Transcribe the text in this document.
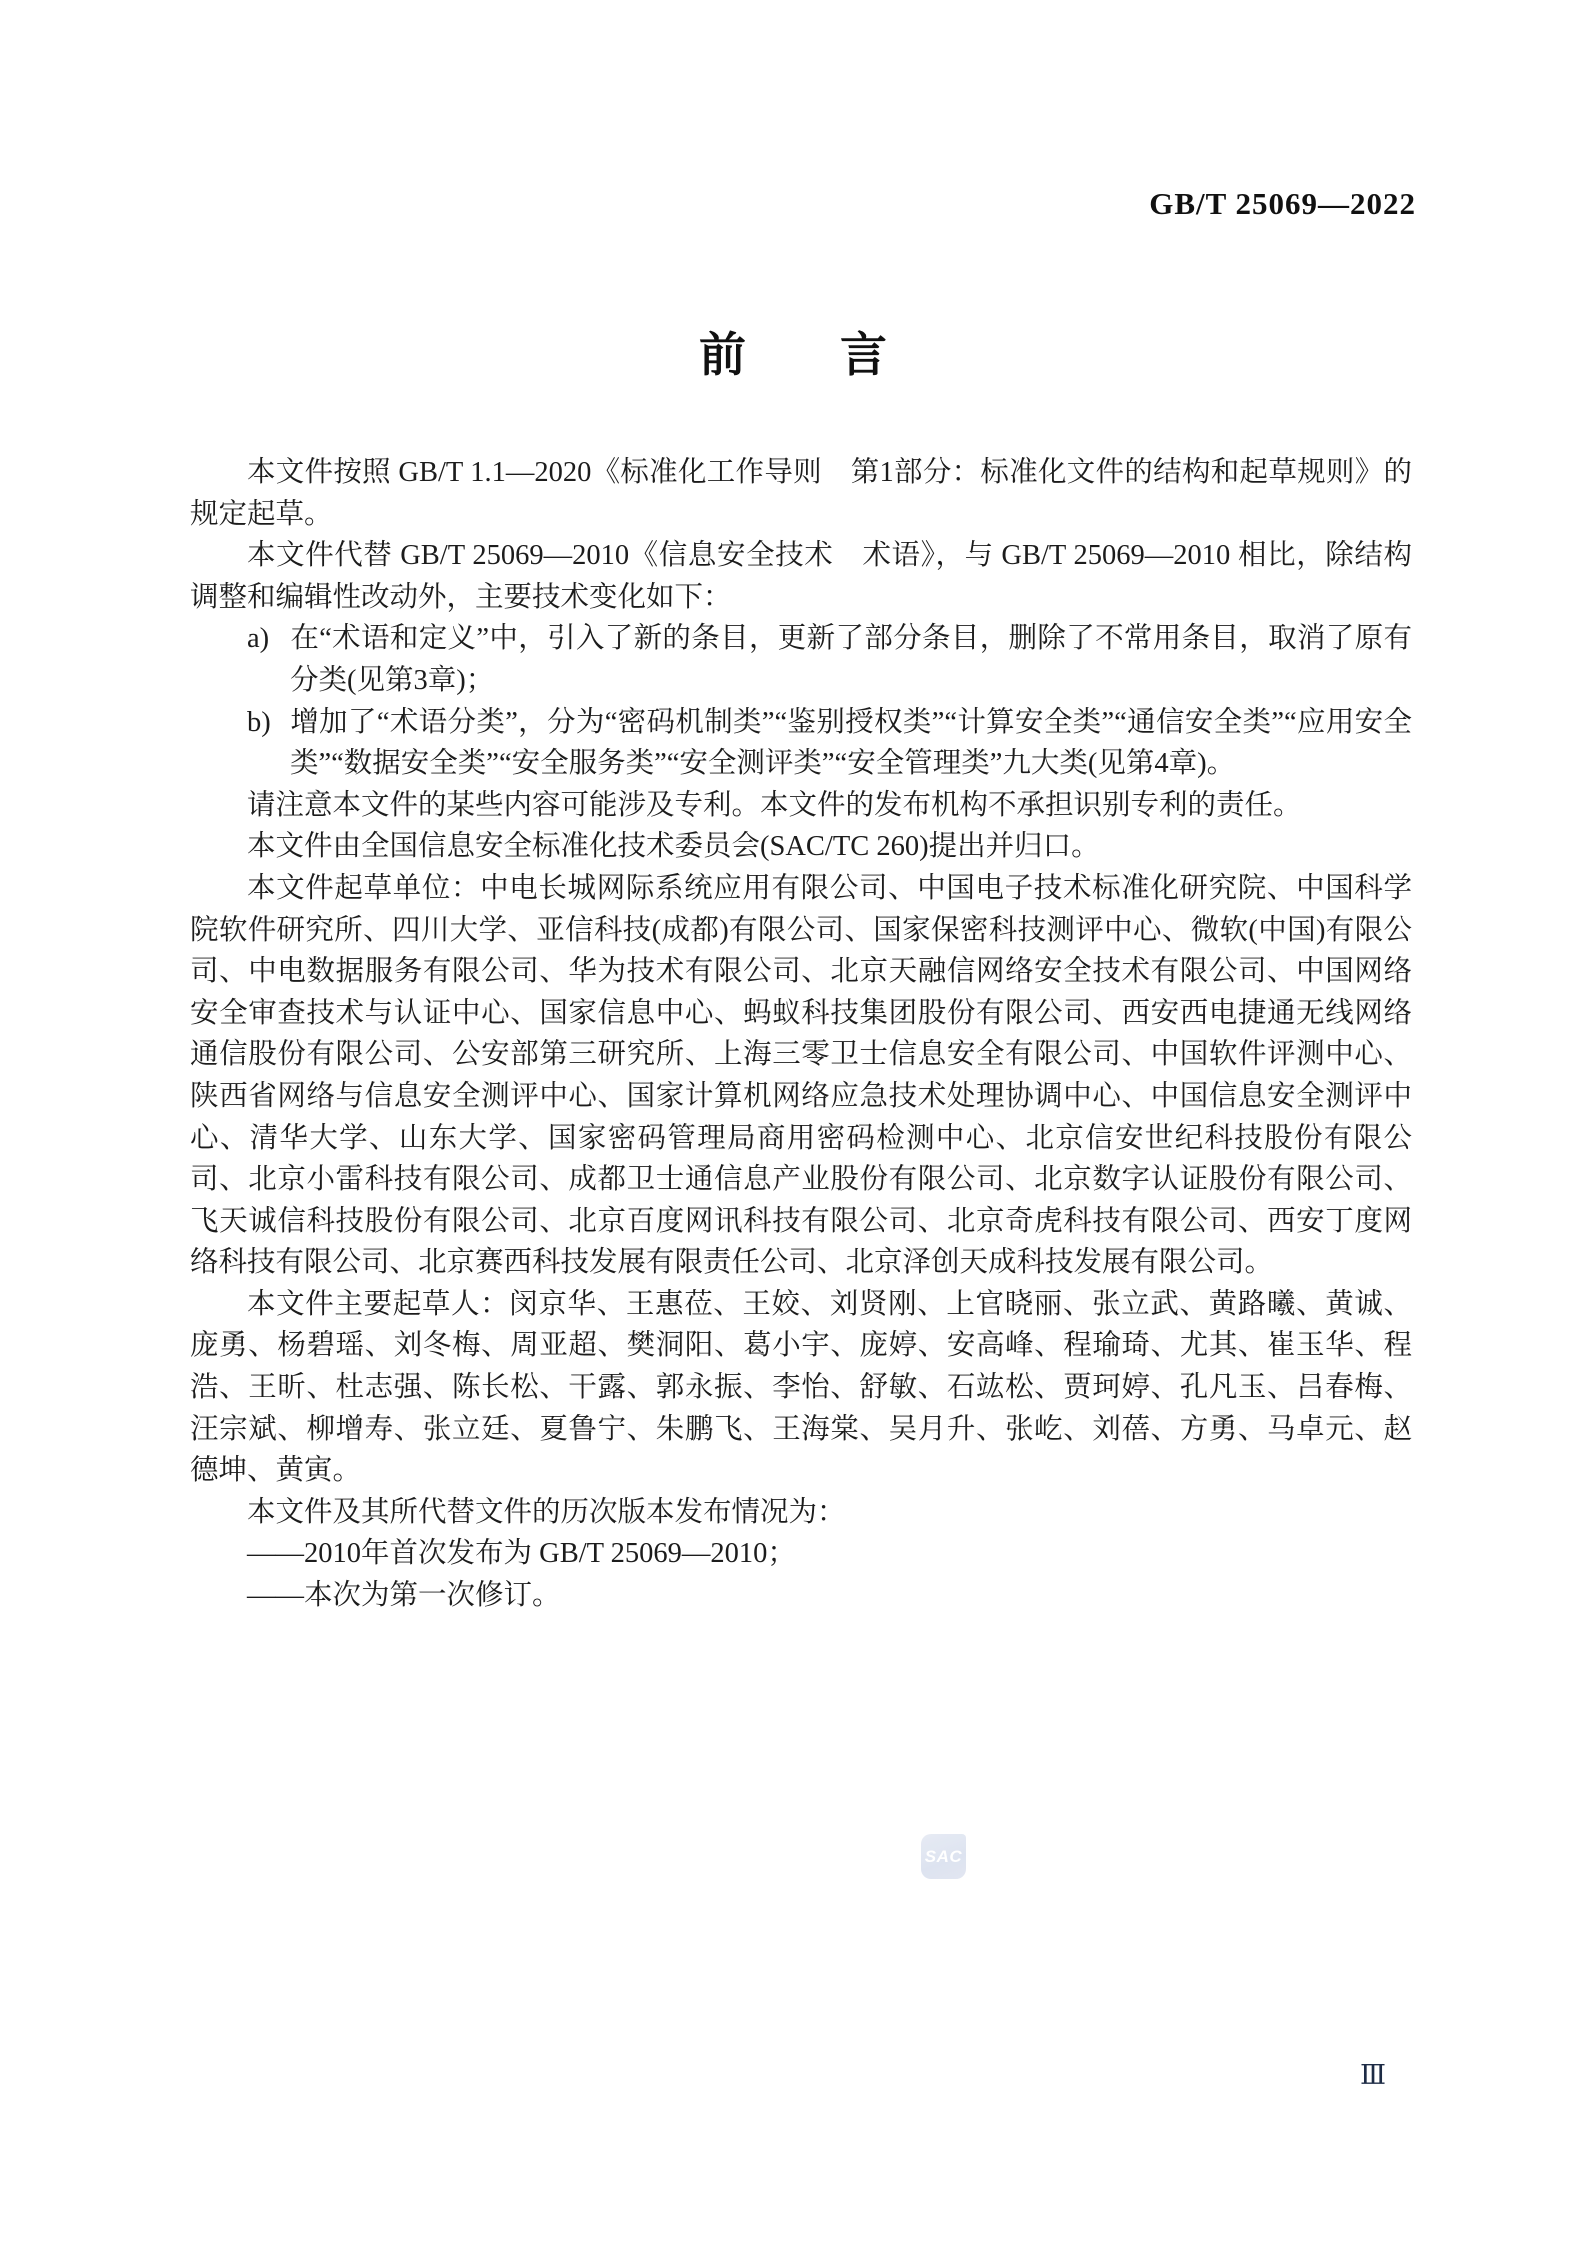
GB/T 25069—2022
前　　言

本文件按照 GB/T 1.1—2020《标准化工作导则　第1部分：标准化文件的结构和起草规则》的规定起草。

本文件代替 GB/T 25069—2010《信息安全技术　术语》，与 GB/T 25069—2010 相比，除结构调整和编辑性改动外，主要技术变化如下：

a) 在“术语和定义”中，引入了新的条目，更新了部分条目，删除了不常用条目，取消了原有分类(见第3章)；
b) 增加了“术语分类”，分为“密码机制类”“鉴别授权类”“计算安全类”“通信安全类”“应用安全类”“数据安全类”“安全服务类”“安全测评类”“安全管理类”九大类(见第4章)。

请注意本文件的某些内容可能涉及专利。本文件的发布机构不承担识别专利的责任。

本文件由全国信息安全标准化技术委员会(SAC/TC 260)提出并归口。

本文件起草单位：中电长城网际系统应用有限公司、中国电子技术标准化研究院、中国科学院软件研究所、四川大学、亚信科技(成都)有限公司、国家保密科技测评中心、微软(中国)有限公司、中电数据服务有限公司、华为技术有限公司、北京天融信网络安全技术有限公司、中国网络安全审查技术与认证中心、国家信息中心、蚂蚁科技集团股份有限公司、西安西电捷通无线网络通信股份有限公司、公安部第三研究所、上海三零卫士信息安全有限公司、中国软件评测中心、陕西省网络与信息安全测评中心、国家计算机网络应急技术处理协调中心、中国信息安全测评中心、清华大学、山东大学、国家密码管理局商用密码检测中心、北京信安世纪科技股份有限公司、北京小雷科技有限公司、成都卫士通信息产业股份有限公司、北京数字认证股份有限公司、飞天诚信科技股份有限公司、北京百度网讯科技有限公司、北京奇虎科技有限公司、西安丁度网络科技有限公司、北京赛西科技发展有限责任公司、北京泽创天成科技发展有限公司。

本文件主要起草人：闵京华、王惠莅、王姣、刘贤刚、上官晓丽、张立武、黄路曦、黄诚、庞勇、杨碧瑶、刘冬梅、周亚超、樊洞阳、葛小宇、庞婷、安高峰、程瑜琦、尤其、崔玉华、程浩、王昕、杜志强、陈长松、干露、郭永振、李怡、舒敏、石竑松、贾珂婷、孔凡玉、吕春梅、汪宗斌、柳增寿、张立廷、夏鲁宁、朱鹏飞、王海棠、吴月升、张屹、刘蓓、方勇、马卓元、赵德坤、黄寅。

本文件及其所代替文件的历次版本发布情况为：

——2010年首次发布为 GB/T 25069—2010；

——本次为第一次修订。

SAC
Ⅲ
